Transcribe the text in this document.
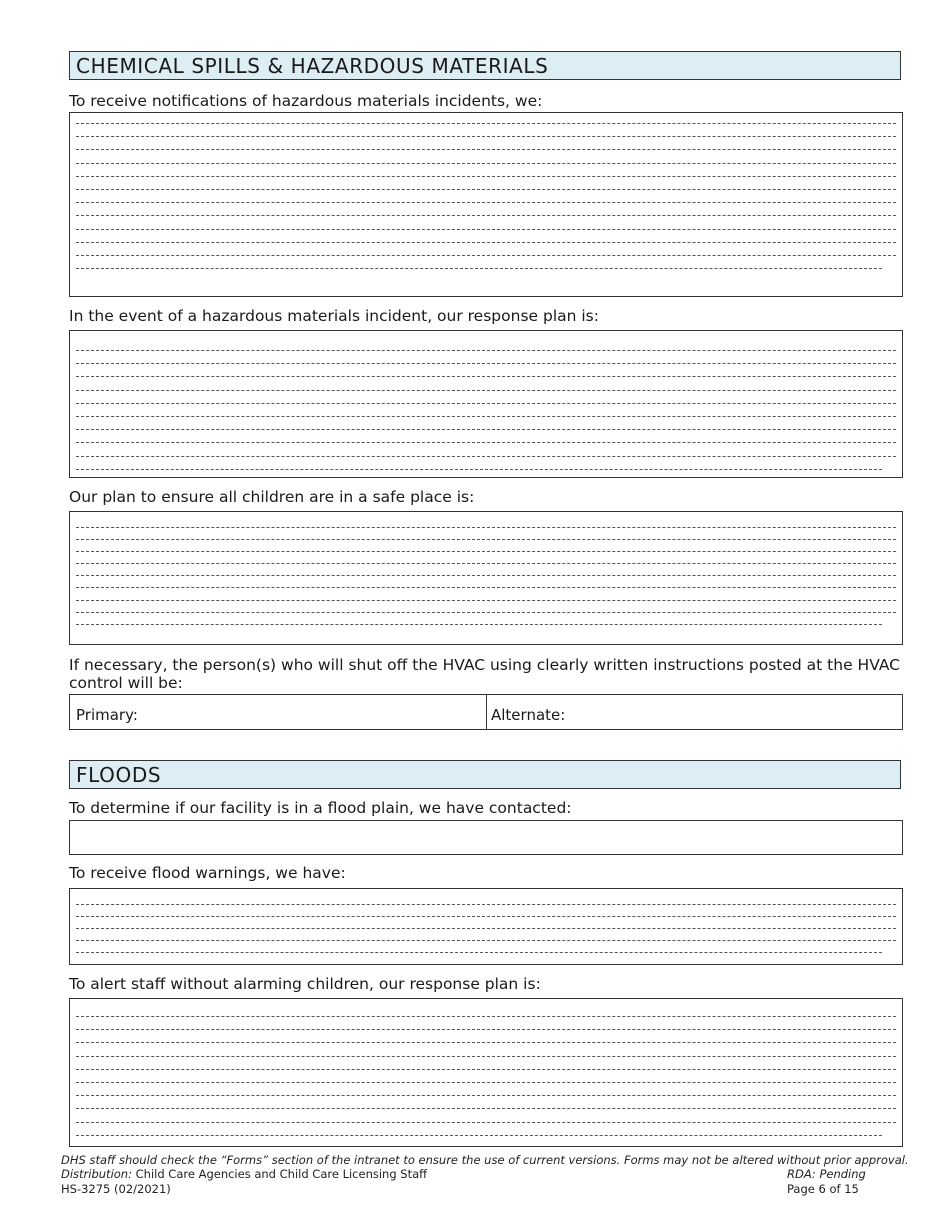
CHEMICAL SPILLS & HAZARDOUS MATERIALS
To receive notifications of hazardous materials incidents, we:
In the event of a hazardous materials incident, our response plan is:
Our plan to ensure all children are in a safe place is:
If necessary, the person(s) who will shut off the HVAC using clearly written instructions posted at the HVAC control will be:
Primary:	Alternate:
FLOODS
To determine if our facility is in a flood plain, we have contacted:
To receive flood warnings, we have:
To alert staff without alarming children, our response plan is:
DHS staff should check the “Forms” section of the intranet to ensure the use of current versions. Forms may not be altered without prior approval.
Distribution: Child Care Agencies and Child Care Licensing Staff	RDA: Pending
HS-3275 (02/2021)	Page 6 of 15
